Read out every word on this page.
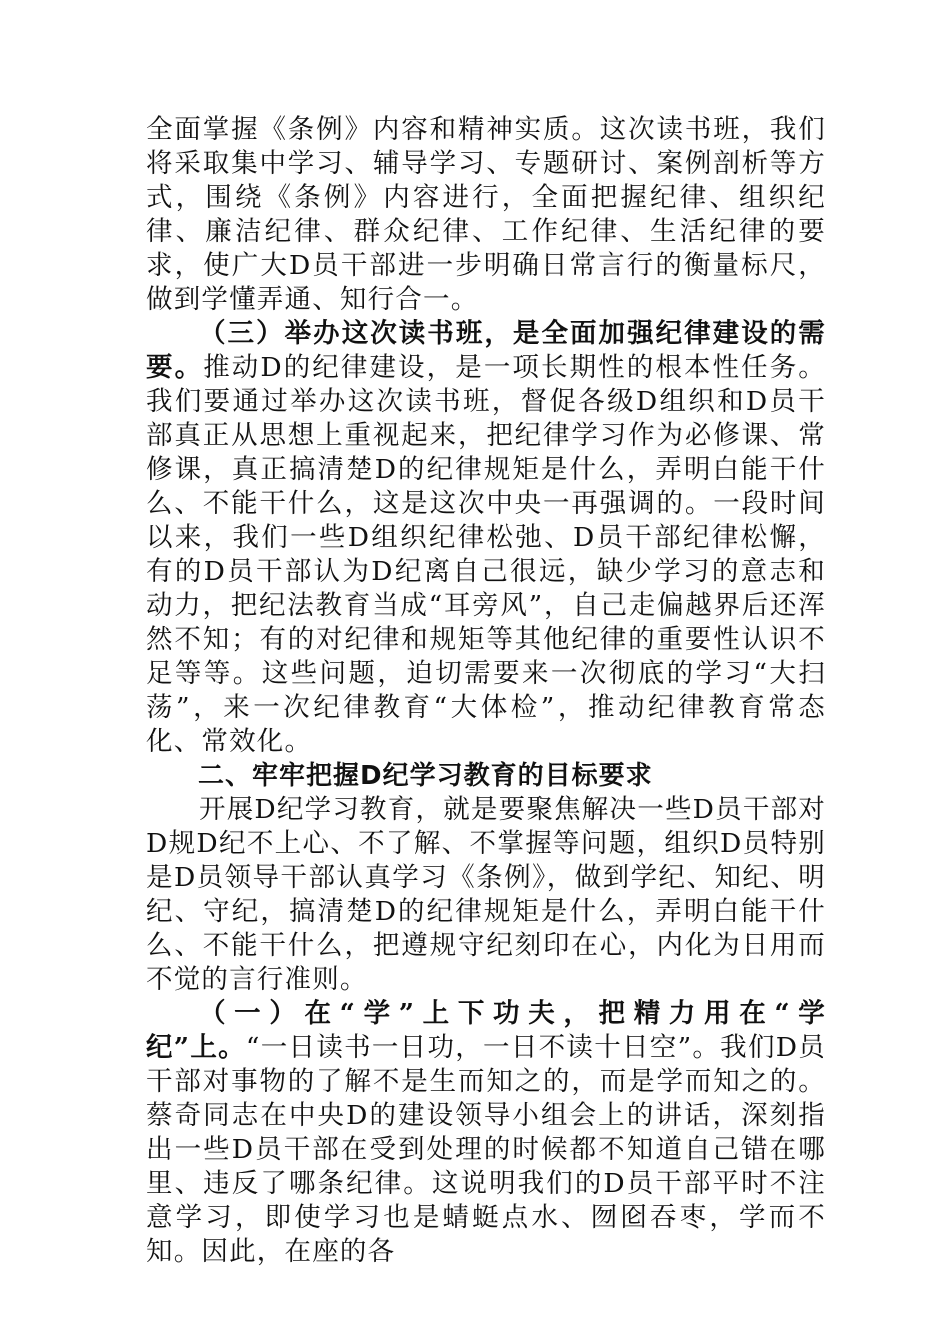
全面掌握《条例》内容和精神实质。这次读书班，我们将采取集中学习、辅导学习、专题研讨、案例剖析等方式，围绕《条例》内容进行，全面把握纪律、组织纪律、廉洁纪律、群众纪律、工作纪律、生活纪律的要求，使广大D员干部进一步明确日常言行的衡量标尺，做到学懂弄通、知行合一。

（三）举办这次读书班，是全面加强纪律建设的需要。推动D的纪律建设，是一项长期性的根本性任务。我们要通过举办这次读书班，督促各级D组织和D员干部真正从思想上重视起来，把纪律学习作为必修课、常修课，真正搞清楚D的纪律规矩是什么，弄明白能干什么、不能干什么，这是这次中央一再强调的。一段时间以来，我们一些D组织纪律松弛、D员干部纪律松懈，有的D员干部认为D纪离自己很远，缺少学习的意志和动力，把纪法教育当成“耳旁风”，自己走偏越界后还浑然不知；有的对纪律和规矩等其他纪律的重要性认识不足等等。这些问题，迫切需要来一次彻底的学习“大扫荡”，来一次纪律教育“大体检”，推动纪律教育常态化、常效化。

二、牢牢把握D纪学习教育的目标要求

开展D纪学习教育，就是要聚焦解决一些D员干部对D规D纪不上心、不了解、不掌握等问题，组织D员特别是D员领导干部认真学习《条例》，做到学纪、知纪、明纪、守纪，搞清楚D的纪律规矩是什么，弄明白能干什么、不能干什么，把遵规守纪刻印在心，内化为日用而不觉的言行准则。

（一）在“学”上下功夫，把精力用在“学纪”上。“一日读书一日功，一日不读十日空”。我们D员干部对事物的了解不是生而知之的，而是学而知之的。蔡奇同志在中央D的建设领导小组会上的讲话，深刻指出一些D员干部在受到处理的时候都不知道自己错在哪里、违反了哪条纪律。这说明我们的D员干部平时不注意学习，即使学习也是蜻蜓点水、囫囵吞枣，学而不知。因此，在座的各
